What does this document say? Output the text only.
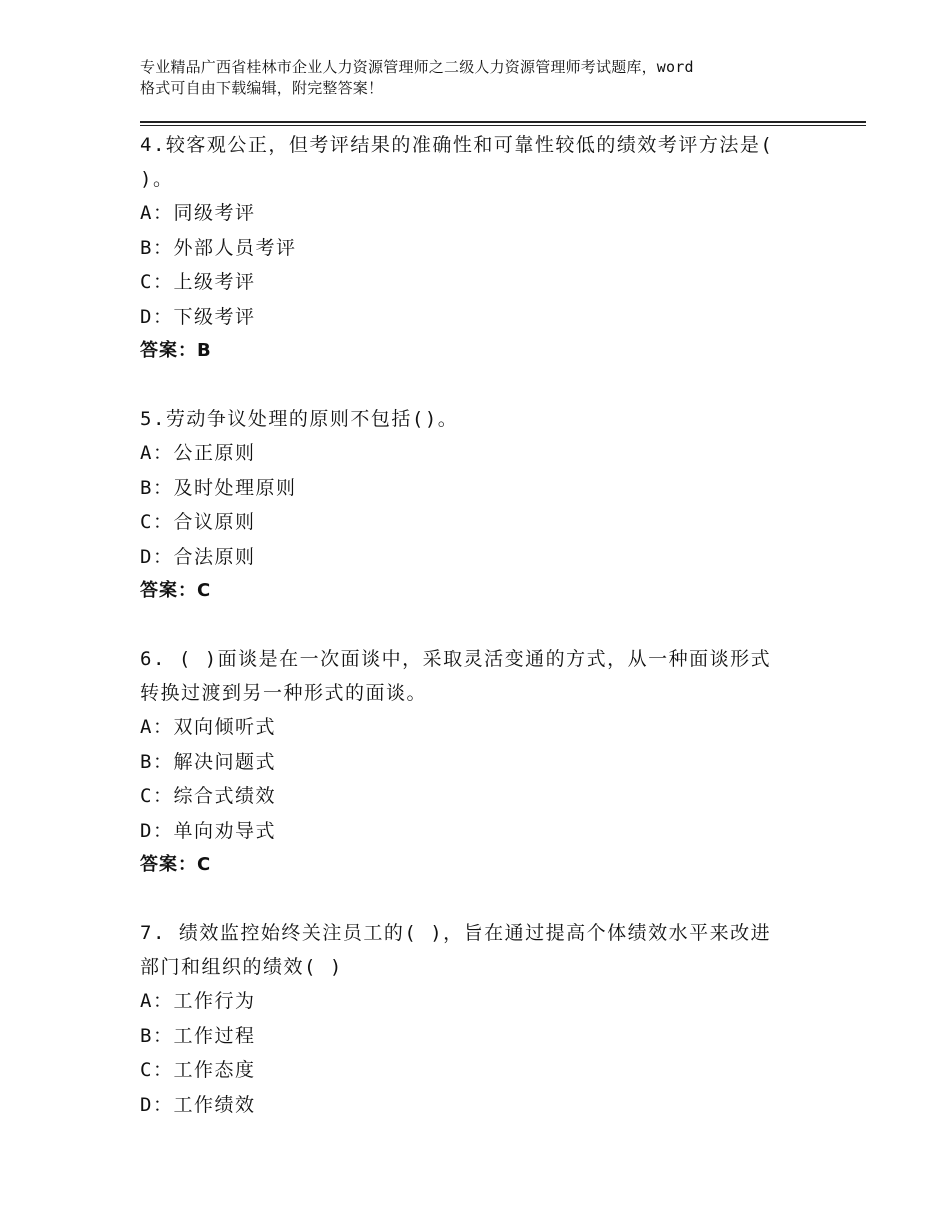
专业精品广西省桂林市企业人力资源管理师之二级人力资源管理师考试题库，word
格式可自由下载编辑，附完整答案！
4.较客观公正，但考评结果的准确性和可靠性较低的绩效考评方法是(
)。
A：同级考评
B：外部人员考评
C：上级考评
D：下级考评
答案：B
5.劳动争议处理的原则不包括()。
A：公正原则
B：及时处理原则
C：合议原则
D：合法原则
答案：C
6. ( )面谈是在一次面谈中，采取灵活变通的方式，从一种面谈形式
转换过渡到另一种形式的面谈。
A：双向倾听式
B：解决问题式
C：综合式绩效
D：单向劝导式
答案：C
7. 绩效监控始终关注员工的( )，旨在通过提高个体绩效水平来改进
部门和组织的绩效( )
A：工作行为
B：工作过程
C：工作态度
D：工作绩效
